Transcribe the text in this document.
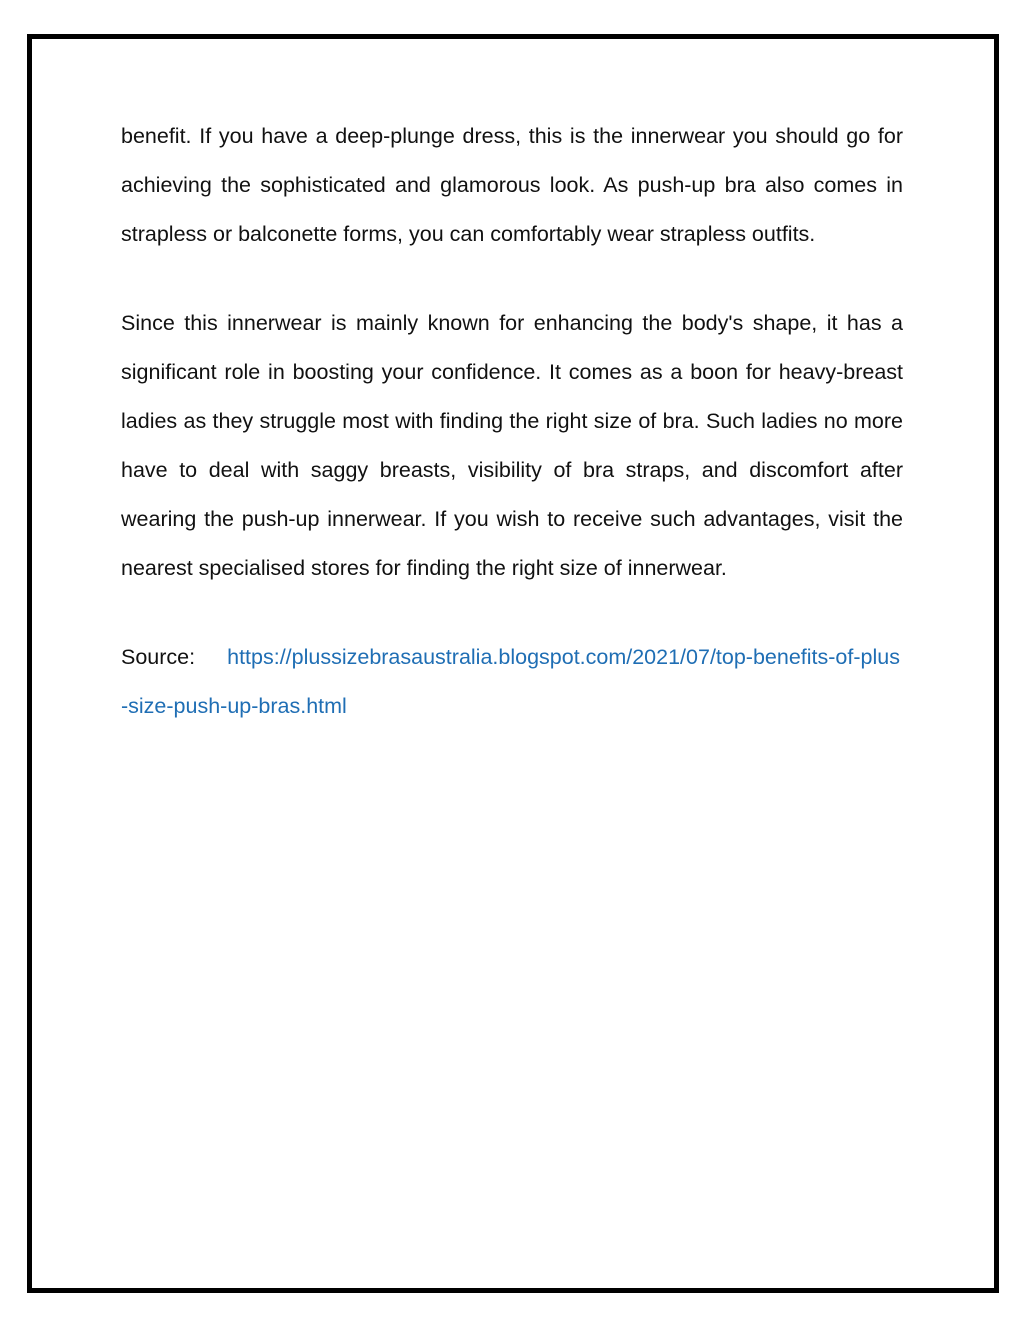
benefit. If you have a deep-plunge dress, this is the innerwear you should go for achieving the sophisticated and glamorous look. As push-up bra also comes in strapless or balconette forms, you can comfortably wear strapless outfits.

Since this innerwear is mainly known for enhancing the body's shape, it has a significant role in boosting your confidence. It comes as a boon for heavy-breast ladies as they struggle most with finding the right size of bra. Such ladies no more have to deal with saggy breasts, visibility of bra straps, and discomfort after wearing the push-up innerwear. If you wish to receive such advantages, visit the nearest specialised stores for finding the right size of innerwear.

Source: https://plussizebrasaustralia.blogspot.com/2021/07/top-benefits-of-plus-size-push-up-bras.html
